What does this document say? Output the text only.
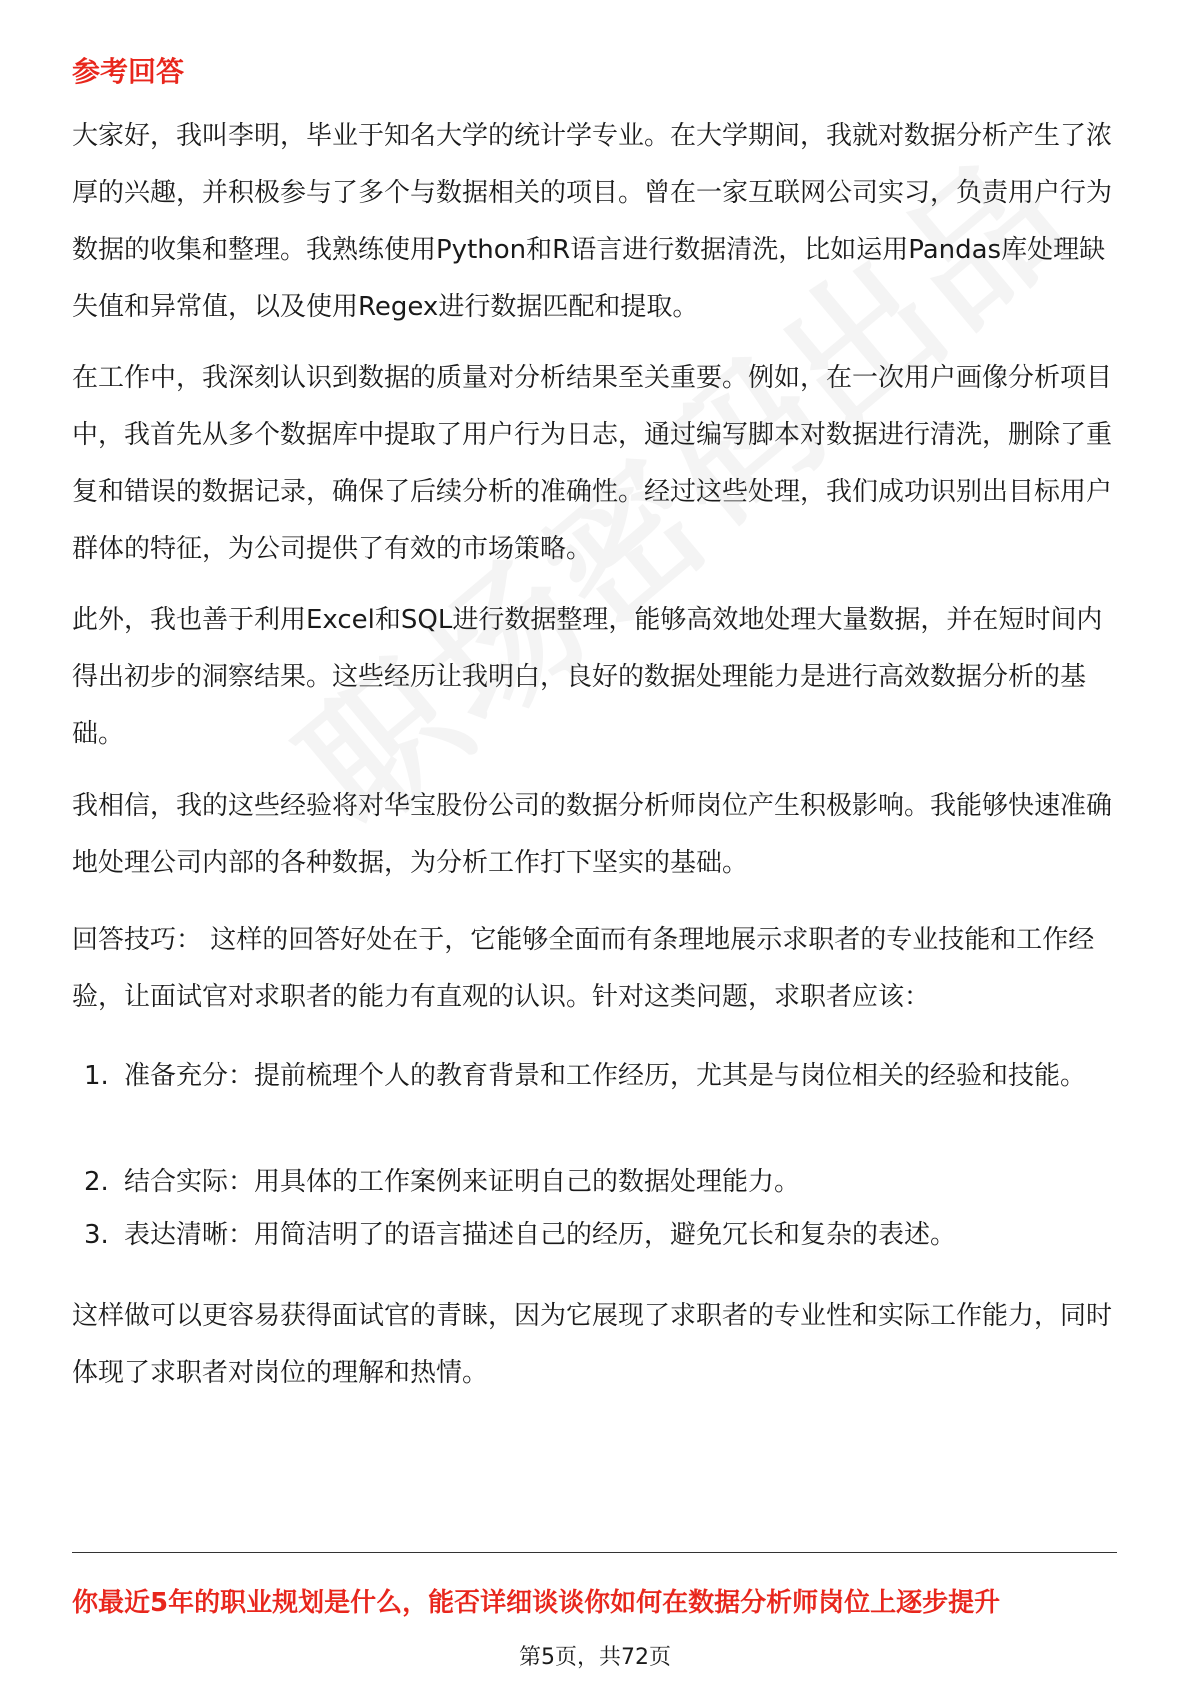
参考回答

大家好，我叫李明，毕业于知名大学的统计学专业。在大学期间，我就对数据分析产生了浓厚的兴趣，并积极参与了多个与数据相关的项目。曾在一家互联网公司实习，负责用户行为数据的收集和整理。我熟练使用Python和R语言进行数据清洗，比如运用Pandas库处理缺失值和异常值，以及使用Regex进行数据匹配和提取。

在工作中，我深刻认识到数据的质量对分析结果至关重要。例如，在一次用户画像分析项目中，我首先从多个数据库中提取了用户行为日志，通过编写脚本对数据进行清洗，删除了重复和错误的数据记录，确保了后续分析的准确性。经过这些处理，我们成功识别出目标用户群体的特征，为公司提供了有效的市场策略。

此外，我也善于利用Excel和SQL进行数据整理，能够高效地处理大量数据，并在短时间内得出初步的洞察结果。这些经历让我明白，良好的数据处理能力是进行高效数据分析的基础。

我相信，我的这些经验将对华宝股份公司的数据分析师岗位产生积极影响。我能够快速准确地处理公司内部的各种数据，为分析工作打下坚实的基础。

回答技巧： 这样的回答好处在于，它能够全面而有条理地展示求职者的专业技能和工作经验，让面试官对求职者的能力有直观的认识。针对这类问题，求职者应该：

1. 准备充分：提前梳理个人的教育背景和工作经历，尤其是与岗位相关的经验和技能。
2. 结合实际：用具体的工作案例来证明自己的数据处理能力。
3. 表达清晰：用简洁明了的语言描述自己的经历，避免冗长和复杂的表述。

这样做可以更容易获得面试官的青睐，因为它展现了求职者的专业性和实际工作能力，同时体现了求职者对岗位的理解和热情。

你最近5年的职业规划是什么，能否详细谈谈你如何在数据分析师岗位上逐步提升
第5页，共72页
